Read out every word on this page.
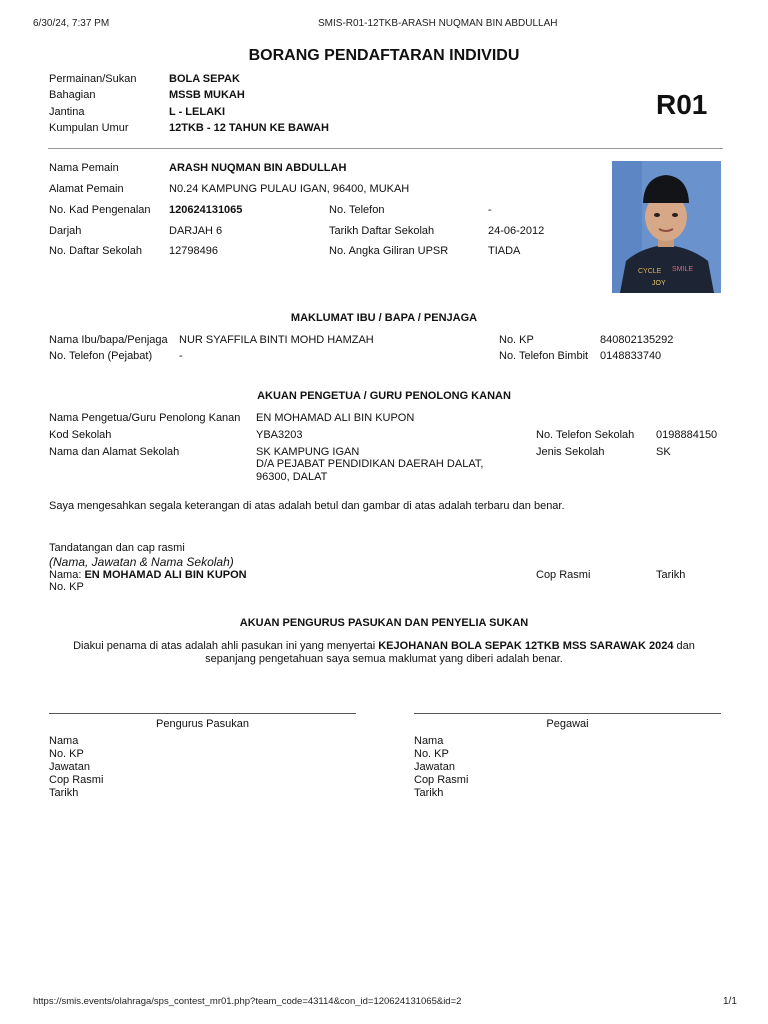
6/30/24, 7:37 PM	SMIS-R01-12TKB-ARASH NUQMAN BIN ABDULLAH
BORANG PENDAFTARAN INDIVIDU
Permainan/Sukan	BOLA SEPAK
Bahagian	MSSB MUKAH
Jantina	L - LELAKI
Kumpulan Umur	12TKB - 12 TAHUN KE BAWAH
R01
Nama Pemain	ARASH NUQMAN BIN ABDULLAH
Alamat Pemain	N0.24 KAMPUNG PULAU IGAN, 96400, MUKAH
No. Kad Pengenalan 120624131065	No. Telefon	-
Darjah	DARJAH 6	Tarikh Daftar Sekolah	24-06-2012
No. Daftar Sekolah 12798496	No. Angka Giliran UPSR	TIADA
CYCLE SMILE
JOY
MAKLUMAT IBU / BAPA / PENJAGA
Nama Ibu/bapa/Penjaga NUR SYAFFILA BINTI MOHD HAMZAH	No. KP	840802135292
No. Telefon (Pejabat) -	No. Telefon Bimbit 0148833740
AKUAN PENGETUA / GURU PENOLONG KANAN
Nama Pengetua/Guru Penolong Kanan EN MOHAMAD ALI BIN KUPON
Kod Sekolah	YBA3203	No. Telefon Sekolah 0198884150
Nama dan Alamat Sekolah	SK KAMPUNG IGAN
D/A PEJABAT PENDIDIKAN DAERAH DALAT,
96300, DALAT
Jenis Sekolah	SK
Saya mengesahkan segala keterangan di atas adalah betul dan gambar di atas adalah terbaru dan benar.
Tandatangan dan cap rasmi
(Nama, Jawatan & Nama Sekolah)
Nama: EN MOHAMAD ALI BIN KUPON
No. KP
Cop Rasmi	Tarikh
AKUAN PENGURUS PASUKAN DAN PENYELIA SUKAN
Diakui penama di atas adalah ahli pasukan ini yang menyertai KEJOHANAN BOLA SEPAK 12TKB MSS SARAWAK 2024 dan
sepanjang pengetahuan saya semua maklumat yang diberi adalah benar.
Pengurus Pasukan	Pegawai
Nama
No. KP
Jawatan
Cop Rasmi
Tarikh
Nama
No. KP
Jawatan
Cop Rasmi
Tarikh
https://smis.events/olahraga/sps_contest_mr01.php?team_code=43114&con_id=120624131065&id=2	1/1
